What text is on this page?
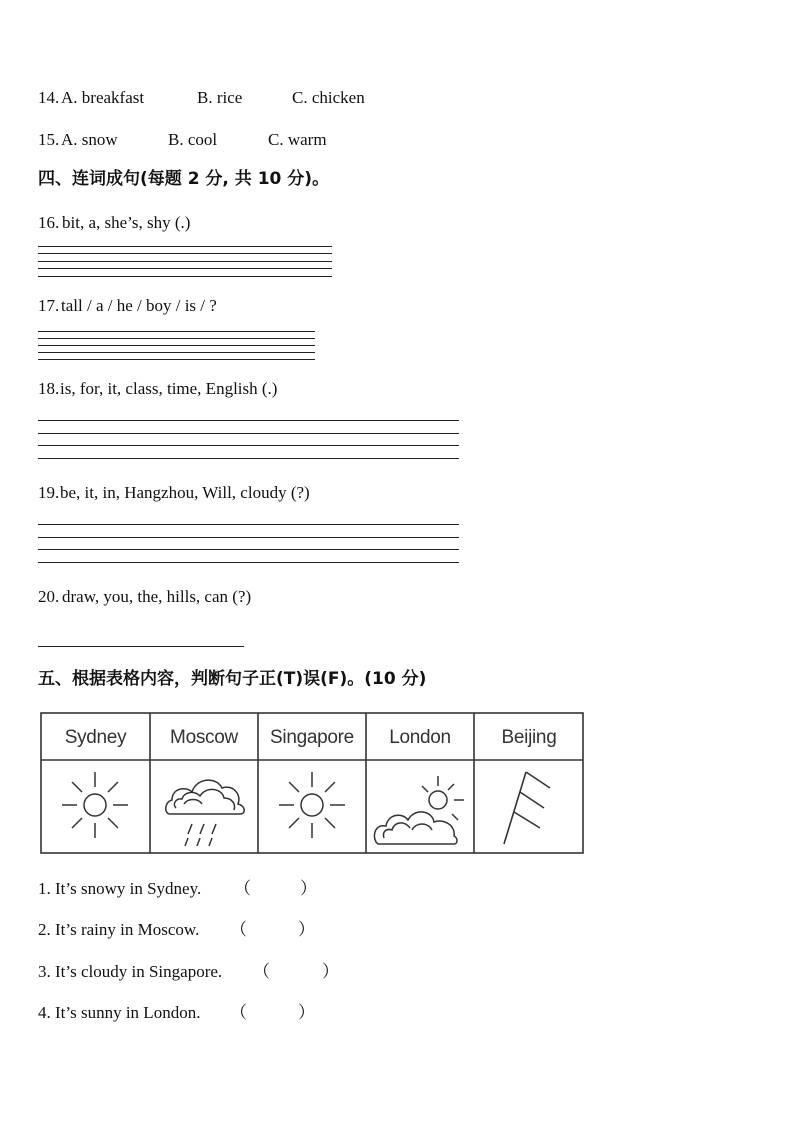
14. A. breakfast	B. rice	C. chicken
15. A. snow	B. cool	C. warm
四、连词成句(每题 2 分, 共 10 分)。
16. bit, a, she’s, shy (.)
17. tall / a / he / boy / is / ?
18. is, for, it, class, time, English (.)
19. be, it, in, Hangzhou, Will, cloudy (?)
20. draw, you, the, hills, can (?)
五、根据表格内容，判断句子正(T)误(F)。(10 分)
Sydney	Moscow	Singapore	London	Beijing
1. It’s snowy in Sydney. （	）
2. It’s rainy in Moscow. （	）
3. It’s cloudy in Singapore. （	）
4. It’s sunny in London. （	）
